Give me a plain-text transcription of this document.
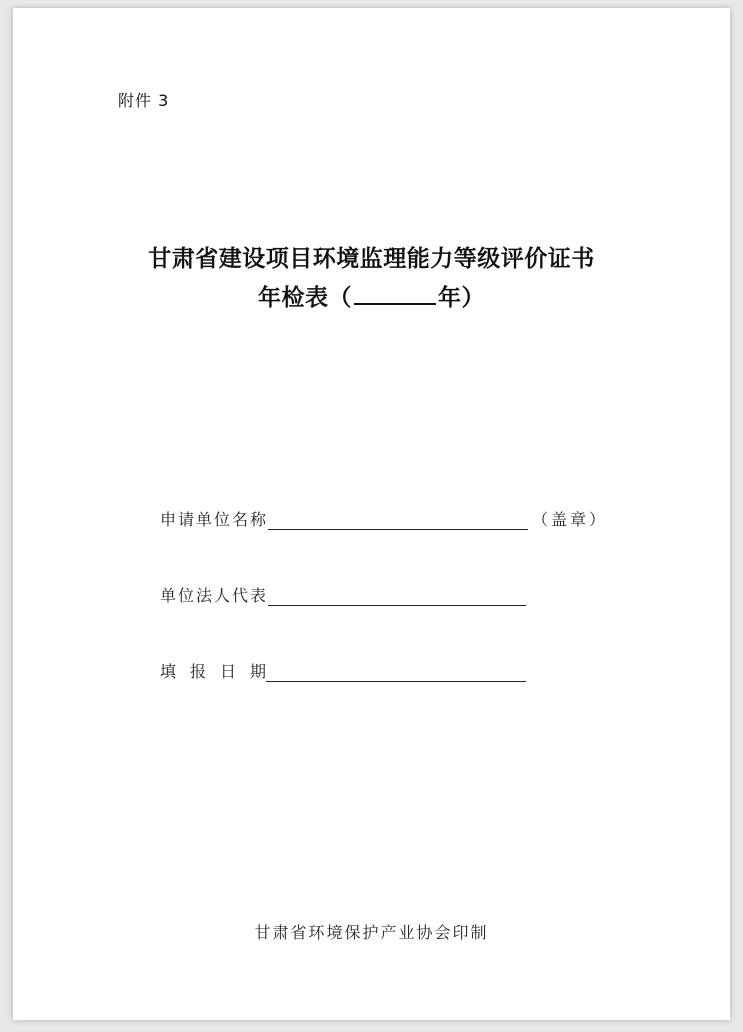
附件 3
甘肃省建设项目环境监理能力等级评价证书
年检表（	年）
申请单位名称	（盖章）
单位法人代表
填报日期
甘肃省环境保护产业协会印制
